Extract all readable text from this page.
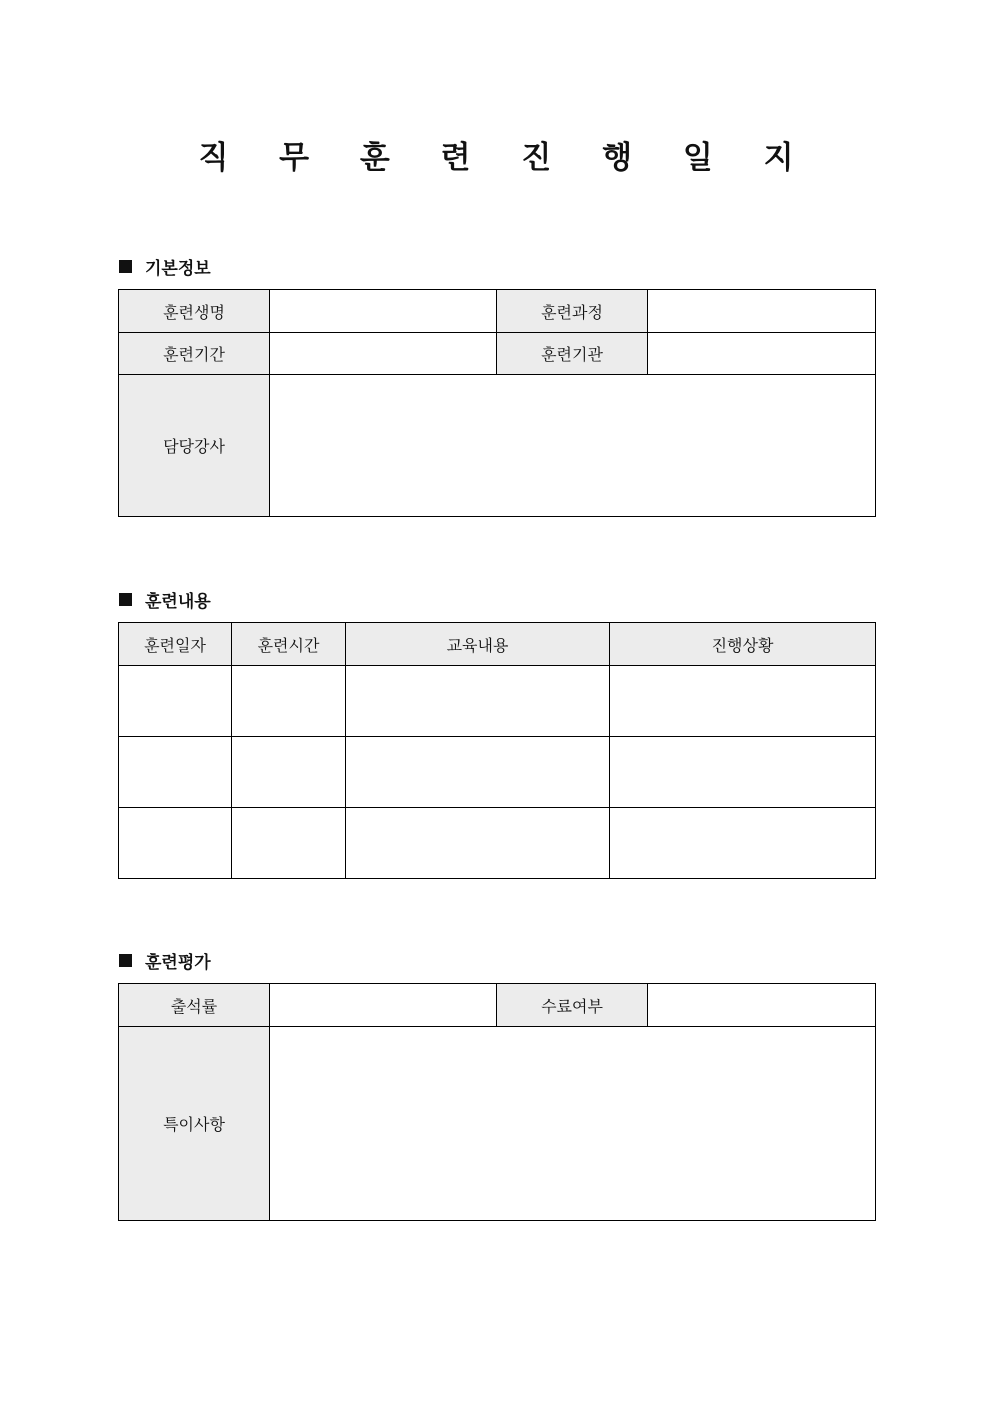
직 무 훈 련 진 행 일 지
기본정보
훈련생명		훈련과정	
훈련기간		훈련기관	
담당강사			
훈련내용
훈련일자	훈련시간	교육내용	진행상황

훈련평가
출석률		수료여부	
특이사항			
